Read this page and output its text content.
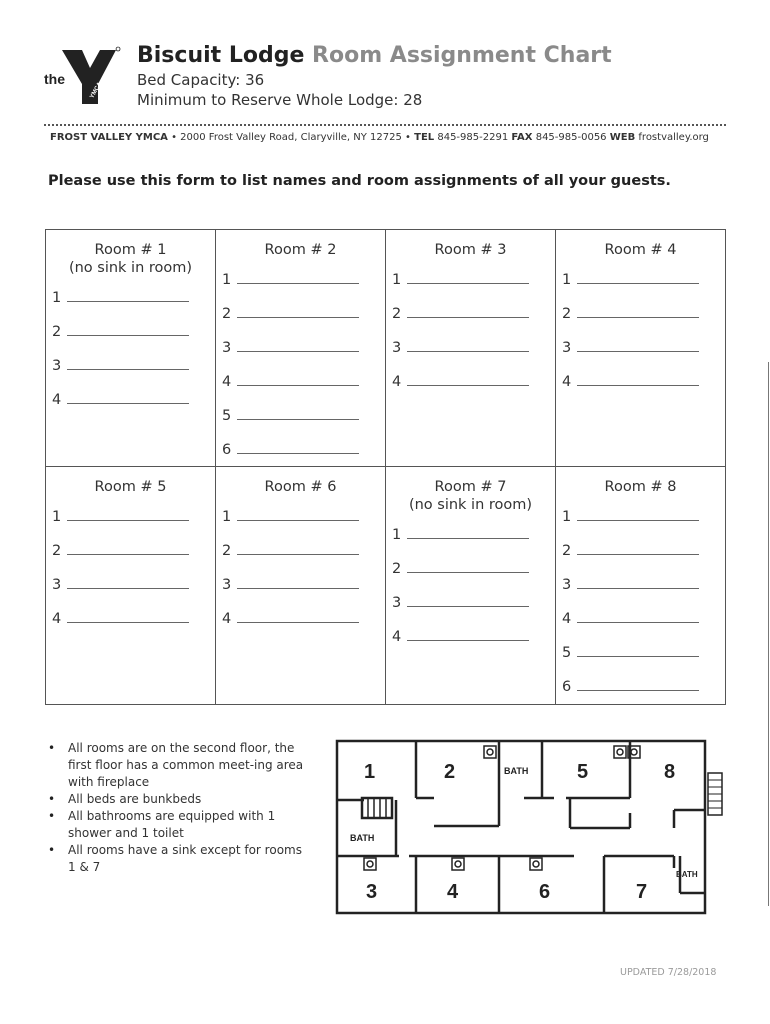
the
YMCA
Biscuit Lodge Room Assignment Chart
Bed Capacity: 36
Minimum to Reserve Whole Lodge: 28
FROST VALLEY YMCA • 2000 Frost Valley Road, Claryville, NY 12725 • TEL 845-985-2291 FAX 845-985-0056 WEB frostvalley.org
Please use this form to list names and room assignments of all your guests.
Room # 1
(no sink in room)
1
2
3
4
Room # 2
1
2
3
4
5
6
Room # 3
1
2
3
4
Room # 4
1
2
3
4
Room # 5
1
2
3
4
Room # 6
1
2
3
4
Room # 7
(no sink in room)
1
2
3
4
Room # 8
1
2
3
4
5
6
• All rooms are on the second floor, the first floor has a common meet-ing area with fireplace
• All beds are bunkbeds
• All bathrooms are equipped with 1 shower and 1 toilet
• All rooms have a sink except for rooms 1 & 7
1	2	5	8
3	4	6	7
BATH
BATH
BATH
UPDATED 7/28/2018
